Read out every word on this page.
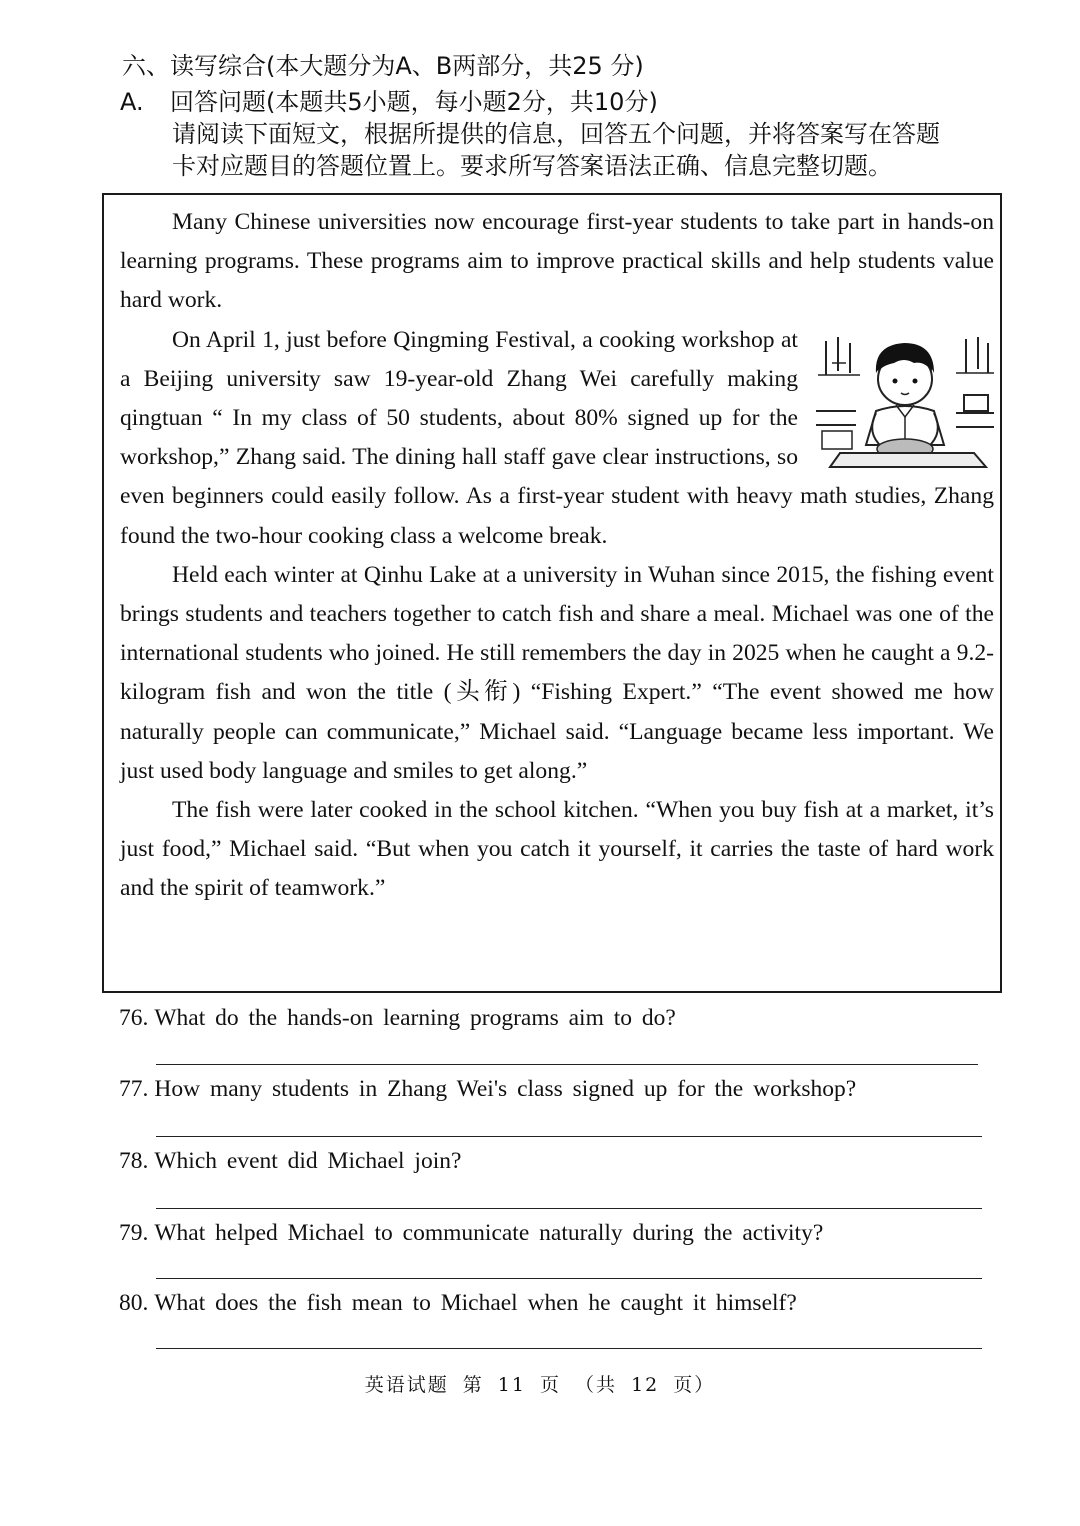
六、读写综合(本大题分为A、B两部分，共25 分)
A. 回答问题(本题共5小题，每小题2分，共10分)
请阅读下面短文，根据所提供的信息，回答五个问题，并将答案写在答题
卡对应题目的答题位置上。要求所写答案语法正确、信息完整切题。

Many Chinese universities now encourage first-year students to take part in hands-on learning programs. These programs aim to improve practical skills and help students value hard work.

On April 1, just before Qingming Festival, a cooking workshop at a Beijing university saw 19-year-old Zhang Wei carefully making qingtuan “ In my class of 50 students, about 80% signed up for the workshop,” Zhang said. The dining hall staff gave clear instructions, so even beginners could easily follow. As a first-year student with heavy math studies, Zhang found the two-hour cooking class a welcome break.

Held each winter at Qinhu Lake at a university in Wuhan since 2015, the fishing event brings students and teachers together to catch fish and share a meal. Michael was one of the international students who joined. He still remembers the day in 2025 when he caught a 9.2-kilogram fish and won the title (头衔) “Fishing Expert.” “The event showed me how naturally people can communicate,” Michael said. “Language became less important. We just used body language and smiles to get along.”

The fish were later cooked in the school kitchen. “When you buy fish at a market, it’s just food,” Michael said. “But when you catch it yourself, it carries the taste of hard work and the spirit of teamwork.”

76. What do the hands-on learning programs aim to do?
77. How many students in Zhang Wei's class signed up for the workshop?
78. Which event did Michael join?
79. What helped Michael to communicate naturally during the activity?
80. What does the fish mean to Michael when he caught it himself?
英语试题 第 11 页 （共 12 页）
